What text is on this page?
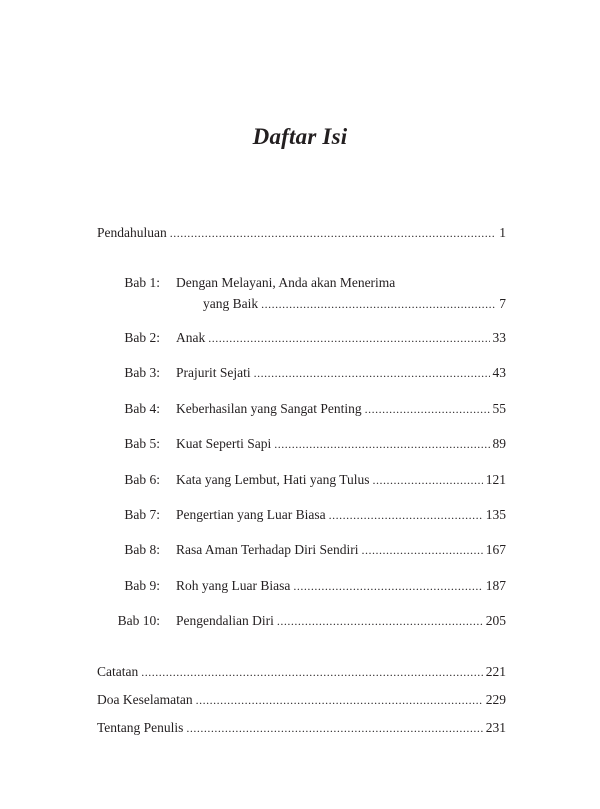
Daftar Isi
Pendahuluan .....	1
Bab 1: Dengan Melayani, Anda akan Menerima
yang Baik .....	7
Bab 2: Anak .....	33
Bab 3: Prajurit Sejati .....	43
Bab 4: Keberhasilan yang Sangat Penting .....	55
Bab 5: Kuat Seperti Sapi .....	89
Bab 6: Kata yang Lembut, Hati yang Tulus .....	121
Bab 7: Pengertian yang Luar Biasa .....	135
Bab 8: Rasa Aman Terhadap Diri Sendiri .....	167
Bab 9: Roh yang Luar Biasa .....	187
Bab 10: Pengendalian Diri .....	205
Catatan .....	221
Doa Keselamatan .....	229
Tentang Penulis .....	231
